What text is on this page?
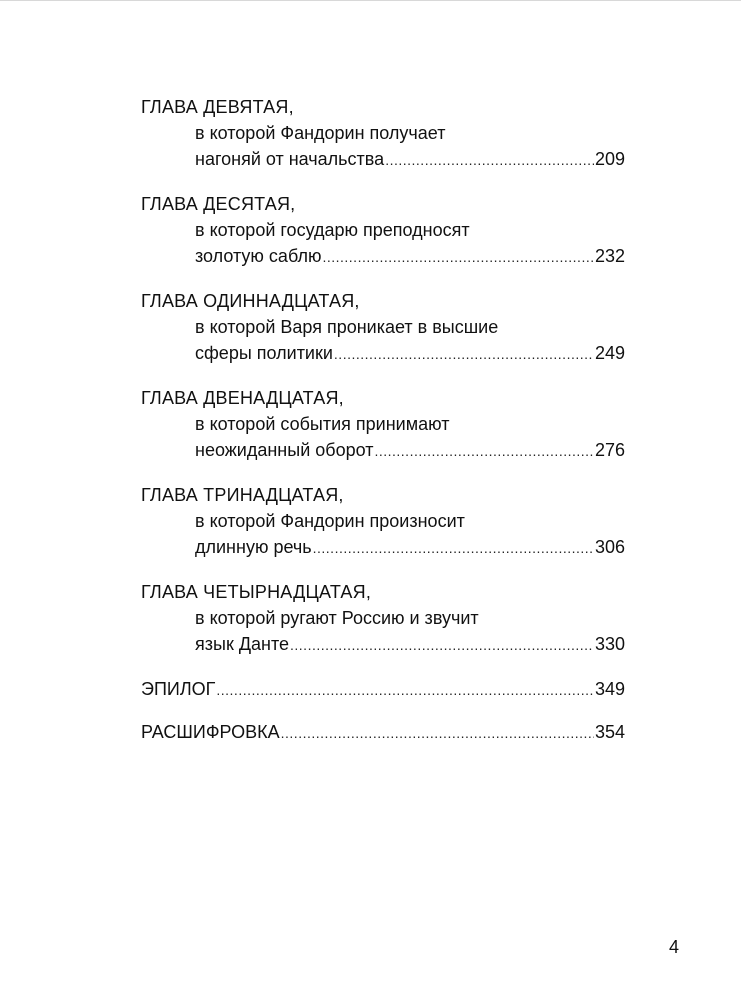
ГЛАВА ДЕВЯТАЯ,
в которой Фандорин получает
нагоняй от начальства .....	209
ГЛАВА ДЕСЯТАЯ,
в которой государю преподносят
золотую саблю .....	232
ГЛАВА ОДИННАДЦАТАЯ,
в которой Варя проникает в высшие
сферы политики .....	249
ГЛАВА ДВЕНАДЦАТАЯ,
в которой события принимают
неожиданный оборот .....	276
ГЛАВА ТРИНАДЦАТАЯ,
в которой Фандорин произносит
длинную речь .....	306
ГЛАВА ЧЕТЫРНАДЦАТАЯ,
в которой ругают Россию и звучит
язык Данте .....	330
ЭПИЛОГ .....	349
РАСШИФРОВКА .....	354
4
